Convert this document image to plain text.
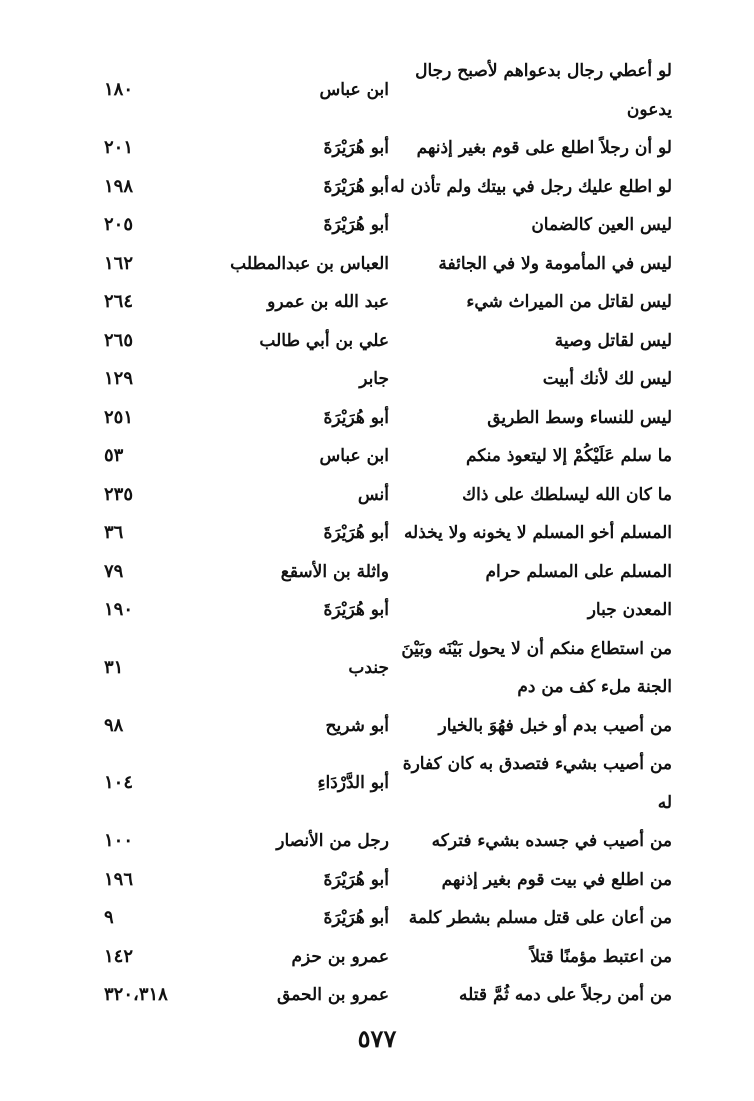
لو أعطي رجال بدعواهم لأصبح رجال
يدعون
ابن عباس
١٨٠
لو أن رجلاً اطلع على قوم بغير إذنهم
أبو هُرَيْرَةَ
٢٠١
لو اطلع عليك رجل في بيتك ولم تأذن له
أبو هُرَيْرَةَ
١٩٨
ليس العين كالضمان
أبو هُرَيْرَةَ
٢٠٥
ليس في المأمومة ولا في الجائفة
العباس بن عبدالمطلب
١٦٢
ليس لقاتل من الميراث شيء
عبد الله بن عمرو
٢٦٤
ليس لقاتل وصية
علي بن أبي طالب
٢٦٥
ليس لك لأنك أبيت
جابر
١٢٩
ليس للنساء وسط الطريق
أبو هُرَيْرَةَ
٢٥١
ما سلم عَلَيْكُمْ إلا ليتعوذ منكم
ابن عباس
٥٣
ما كان الله ليسلطك على ذاك
أنس
٢٣٥
المسلم أخو المسلم لا يخونه ولا يخذله
أبو هُرَيْرَةَ
٣٦
المسلم على المسلم حرام
واثلة بن الأسقع
٧٩
المعدن جبار
أبو هُرَيْرَةَ
١٩٠
من استطاع منكم أن لا يحول بَيْنَه وبَيْنَ
الجنة ملء كف من دم
جندب
٣١
من أصيب بدم أو خبل فهُوَ بالخيار
أبو شريح
٩٨
من أصيب بشيء فتصدق به كان كفارة
له
أبو الدَّرْدَاءِ
١٠٤
من أصيب في جسده بشيء فتركه
رجل من الأنصار
١٠٠
من اطلع في بيت قوم بغير إذنهم
أبو هُرَيْرَةَ
١٩٦
من أعان على قتل مسلم بشطر كلمة
أبو هُرَيْرَةَ
٩
من اعتبط مؤمنًا قتلاً
عمرو بن حزم
١٤٢
من أمن رجلاً على دمه ثُمَّ قتله
عمرو بن الحمق
٣٢٠،٣١٨
٥٧٧
